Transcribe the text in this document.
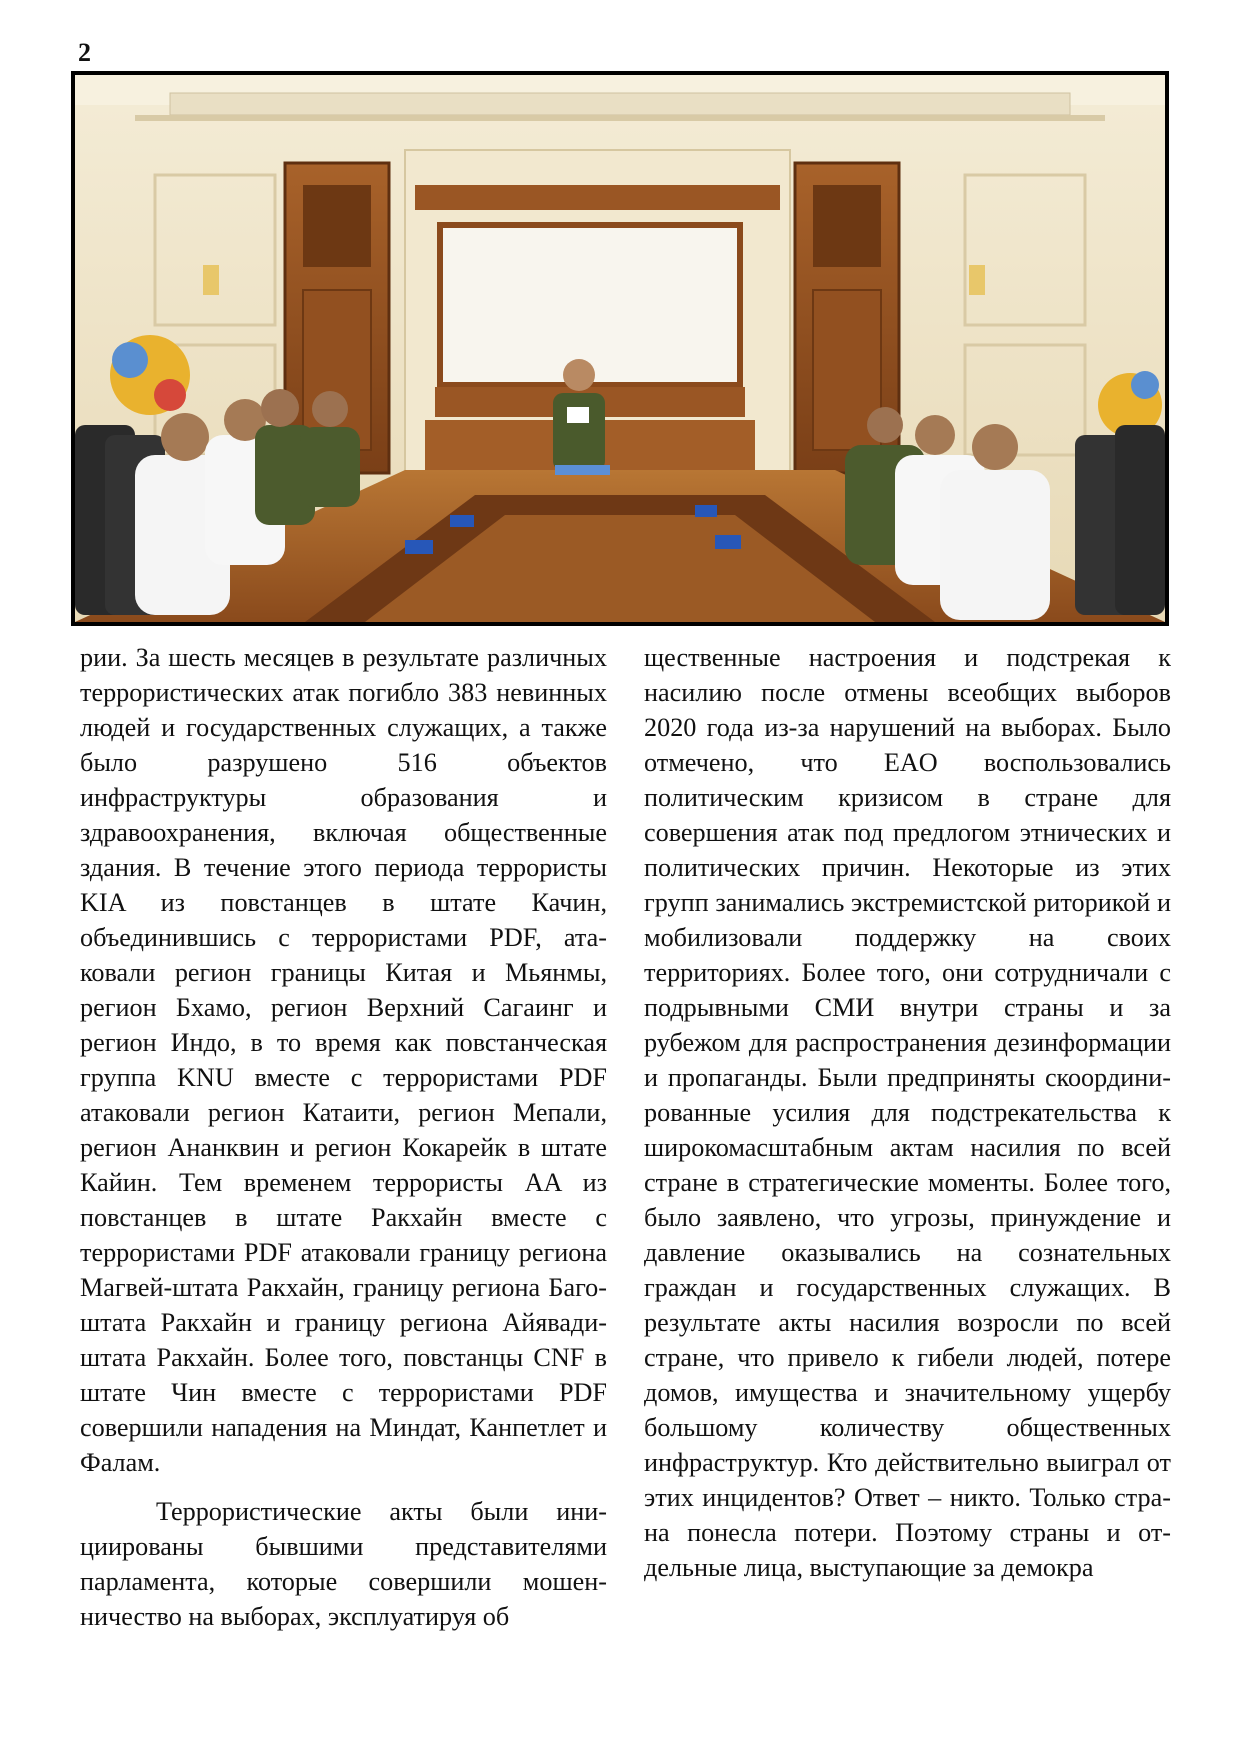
2

рии. За шесть месяцев в результате различных террористических атак погибло 383 невинных людей и государственных служащих, а также было разрушено 516 объектов инфраструктуры образования и здравоохранения, включая общественные здания. В течение этого периода террористы KIA из повстанцев в штате Качин, объединившись с террористами PDF, атаковали регион границы Китая и Мьянмы, регион Бхамо, регион Верхний Сагаинг и регион Индо, в то время как повстанческая группа KNU вместе с террористами PDF атаковали регион Катаити, регион Мепали, регион Ананквин и регион Кокарейк в штате Кайин. Тем временем террористы AA из повстанцев в штате Ракхайн вместе с террористами PDF атаковали границу региона Магвей-штата Ракхайн, границу региона Баго-штата Ракхайн и границу региона Айявади-штата Ракхайн. Более того, повстанцы CNF в штате Чин вместе с террористами PDF совершили нападения на Миндат, Канпетлет и Фалам.

Террористические акты были инициированы бывшими представителями парламента, которые совершили мошенничество на выборах, эксплуатируя об

щественные настроения и подстрекая к насилию после отмены всеобщих выборов 2020 года из-за нарушений на выборах. Было отмечено, что EAO воспользовались политическим кризисом в стране для совершения атак под предлогом этнических и политических причин. Некоторые из этих групп занимались экстремистской риторикой и мобилизовали поддержку на своих территориях. Более того, они сотрудничали с подрывными СМИ внутри страны и за рубежом для распространения дезинформации и пропаганды. Были предприняты скоординированные усилия для подстрекательства к широкомасштабным актам насилия по всей стране в стратегические моменты. Более того, было заявлено, что угрозы, принуждение и давление оказывались на сознательных граждан и государственных служащих. В результате акты насилия возросли по всей стране, что привело к гибели людей, потере домов, имущества и значительному ущербу большому количеству общественных инфраструктур. Кто действительно выиграл от этих инцидентов? Ответ – никто. Только страна понесла потери. Поэтому страны и отдельные лица, выступающие за демокра
